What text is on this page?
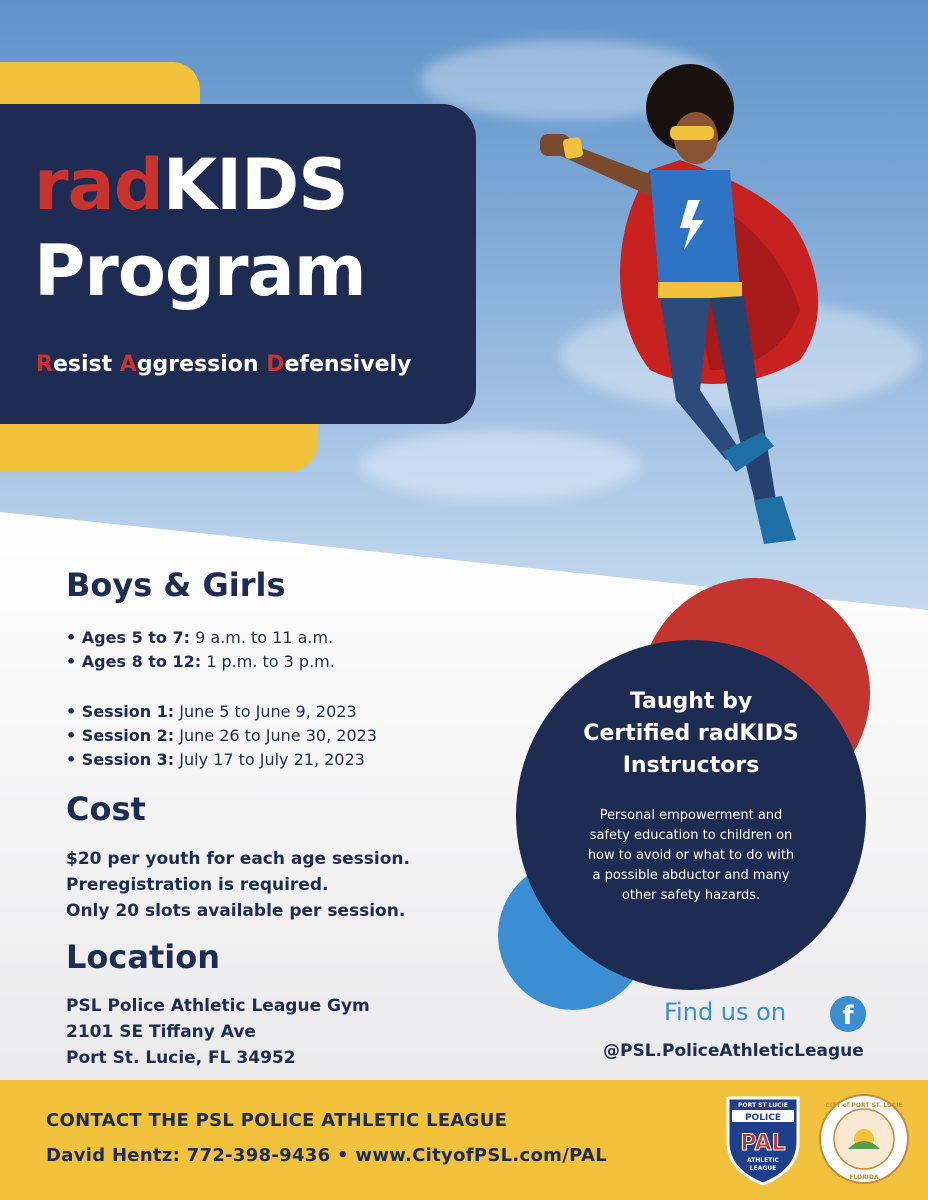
radKIDS
Program
Resist Aggression Defensively
Boys & Girls
• Ages 5 to 7: 9 a.m. to 11 a.m.
• Ages 8 to 12: 1 p.m. to 3 p.m.
• Session 1: June 5 to June 9, 2023
• Session 2: June 26 to June 30, 2023
• Session 3: July 17 to July 21, 2023
Cost
$20 per youth for each age session.
Preregistration is required.
Only 20 slots available per session.
Location
PSL Police Athletic League Gym
2101 SE Tiffany Ave
Port St. Lucie, FL 34952
Taught by
Certified radKIDS
Instructors
Personal empowerment and
safety education to children on
how to avoid or what to do with
a possible abductor and many
other safety hazards.
Find us on	f
@PSL.PoliceAthleticLeague
CONTACT THE PSL POLICE ATHLETIC LEAGUE
David Hentz: 772-398-9436 • www.CityofPSL.com/PAL
PORT ST LUCIE
POLICE
PAL
ATHLETIC
LEAGUE
CITY of PORT ST. LUCIE
FLORIDA
